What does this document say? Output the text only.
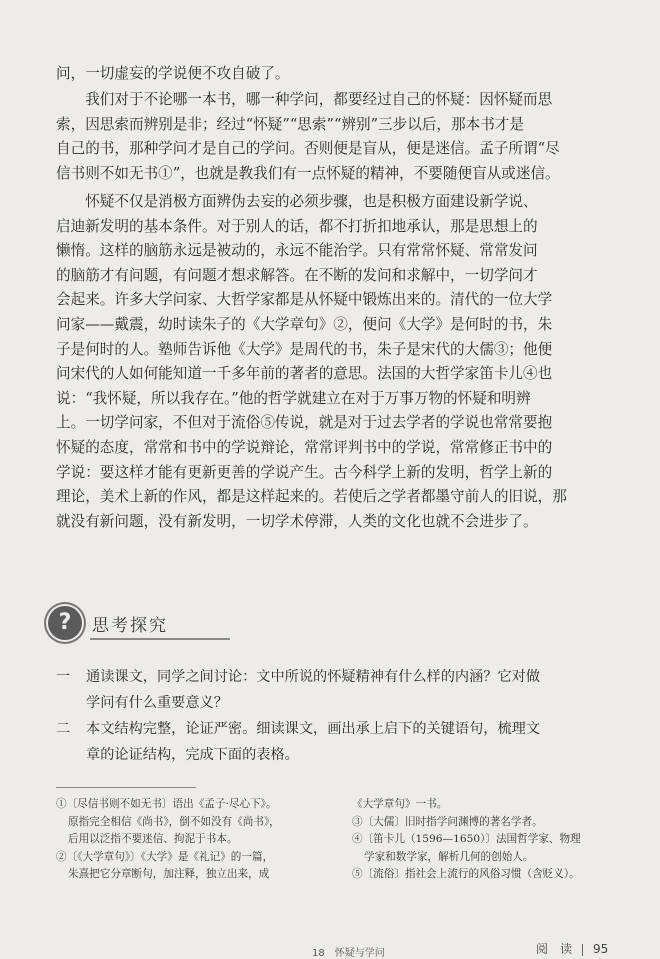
问，一切虚妄的学说便不攻自破了。
我们对于不论哪一本书，哪一种学问，都要经过自己的怀疑：因怀疑而思
索，因思索而辨别是非；经过“怀疑”“思索”“辨别”三步以后，那本书才是
自己的书，那种学问才是自己的学问。否则便是盲从，便是迷信。孟子所谓“尽
信书则不如无书①”，也就是教我们有一点怀疑的精神，不要随便盲从或迷信。
怀疑不仅是消极方面辨伪去妄的必须步骤，也是积极方面建设新学说、
启迪新发明的基本条件。对于别人的话，都不打折扣地承认，那是思想上的
懒惰。这样的脑筋永远是被动的，永远不能治学。只有常常怀疑、常常发问
的脑筋才有问题，有问题才想求解答。在不断的发问和求解中，一切学问才
会起来。许多大学问家、大哲学家都是从怀疑中锻炼出来的。清代的一位大学
问家——戴震，幼时读朱子的《大学章句》②，便问《大学》是何时的书，朱
子是何时的人。塾师告诉他《大学》是周代的书，朱子是宋代的大儒③；他便
问宋代的人如何能知道一千多年前的著者的意思。法国的大哲学家笛卡儿④也
说：“我怀疑，所以我存在。”他的哲学就建立在对于万事万物的怀疑和明辨
上。一切学问家，不但对于流俗⑤传说，就是对于过去学者的学说也常常要抱
怀疑的态度，常常和书中的学说辩论，常常评判书中的学说，常常修正书中的
学说：要这样才能有更新更善的学说产生。古今科学上新的发明，哲学上新的
理论，美术上新的作风，都是这样起来的。若使后之学者都墨守前人的旧说，那
就没有新问题，没有新发明，一切学术停滞，人类的文化也就不会进步了。
?	思考探究
一	通读课文，同学之间讨论：文中所说的怀疑精神有什么样的内涵？它对做
学问有什么重要意义？
二	本文结构完整，论证严密。细读课文，画出承上启下的关键语句，梳理文
章的论证结构，完成下面的表格。
①〔尽信书则不如无书〕语出《孟子·尽心下》。
原指完全相信《尚书》，倒不如没有《尚书》，
后用以泛指不要迷信、拘泥于书本。
②〔《大学章句》〕《大学》是《礼记》的一篇，
朱熹把它分章断句，加注释，独立出来，成
《大学章句》一书。
③〔大儒〕旧时指学问渊博的著名学者。
④〔笛卡儿（1596—1650）〕法国哲学家、物理
学家和数学家，解析几何的创始人。
⑤〔流俗〕指社会上流行的风俗习惯（含贬义）。
18　怀疑与学问	阅　读 95
